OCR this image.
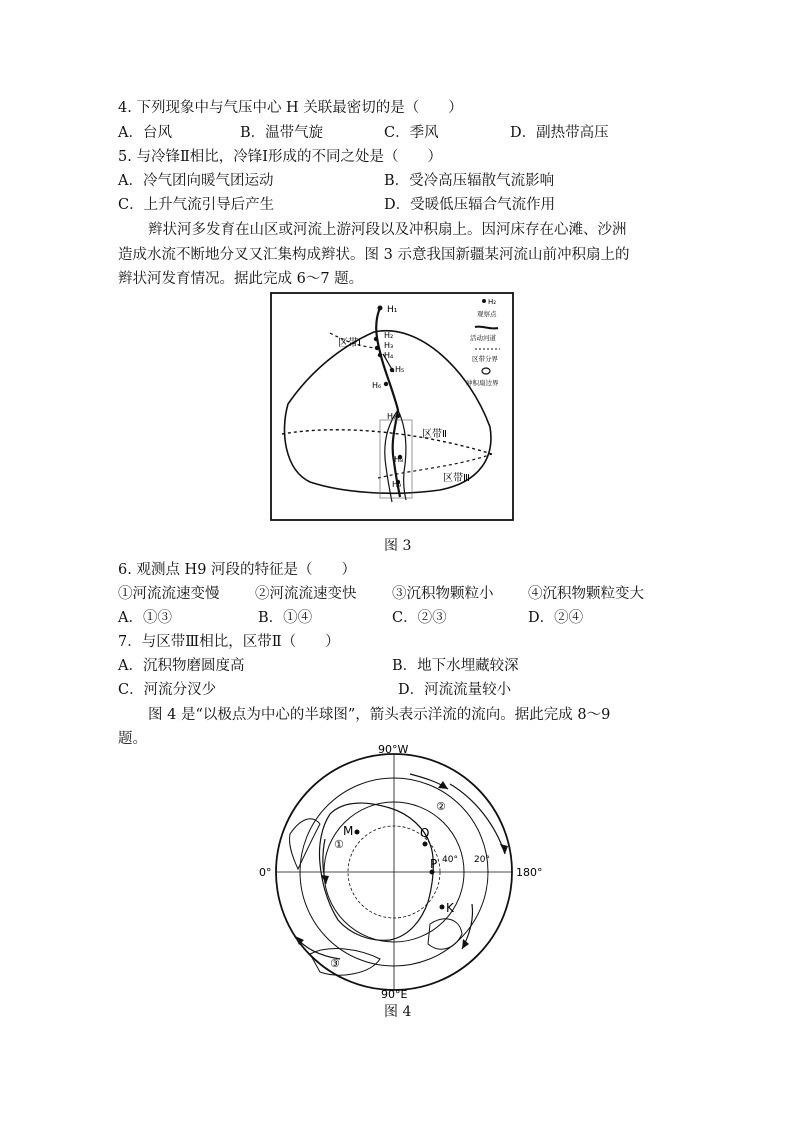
4. 下列现象中与气压中心 H 关联最密切的是（　　）
A．台风	B．温带气旋	C．季风	D．副热带高压
5. 与冷锋Ⅱ相比，冷锋Ⅰ形成的不同之处是（　　）
A．冷气团向暖气团运动	B．受冷高压辐散气流影响
C．上升气流引导后产生	D．受暖低压辐合气流作用
辫状河多发育在山区或河流上游河段以及冲积扇上。因河床存在心滩、沙洲
造成水流不断地分叉又汇集构成辫状。图 3 示意我国新疆某河流山前冲积扇上的
辫状河发育情况。据此完成 6～7 题。
H₁
H₂
H₃
H₄
H₅
H₆
H₇
H₈
H₉
区带Ⅰ
区带Ⅱ
区带Ⅲ
H₂
观察点
活动河道
区带分界
冲积扇边界
图 3
6. 观测点 H9 河段的特征是（　　）
①河流流速变慢 ②河流流速变快 ③沉积物颗粒小 ④沉积物颗粒变大
A．①③	B．①④	C．②③	D．②④
7．与区带Ⅲ相比，区带Ⅱ（　　）
A．沉积物磨圆度高	B．地下水埋藏较深
C．河流分汊少	D．河流流量较小
图 4 是“以极点为中心的半球图”，箭头表示洋流的流向。据此完成 8～9
题。
90°W
90°E
0°	180°
40° 20°
M	Q
P
K
①
②
③
图 4
